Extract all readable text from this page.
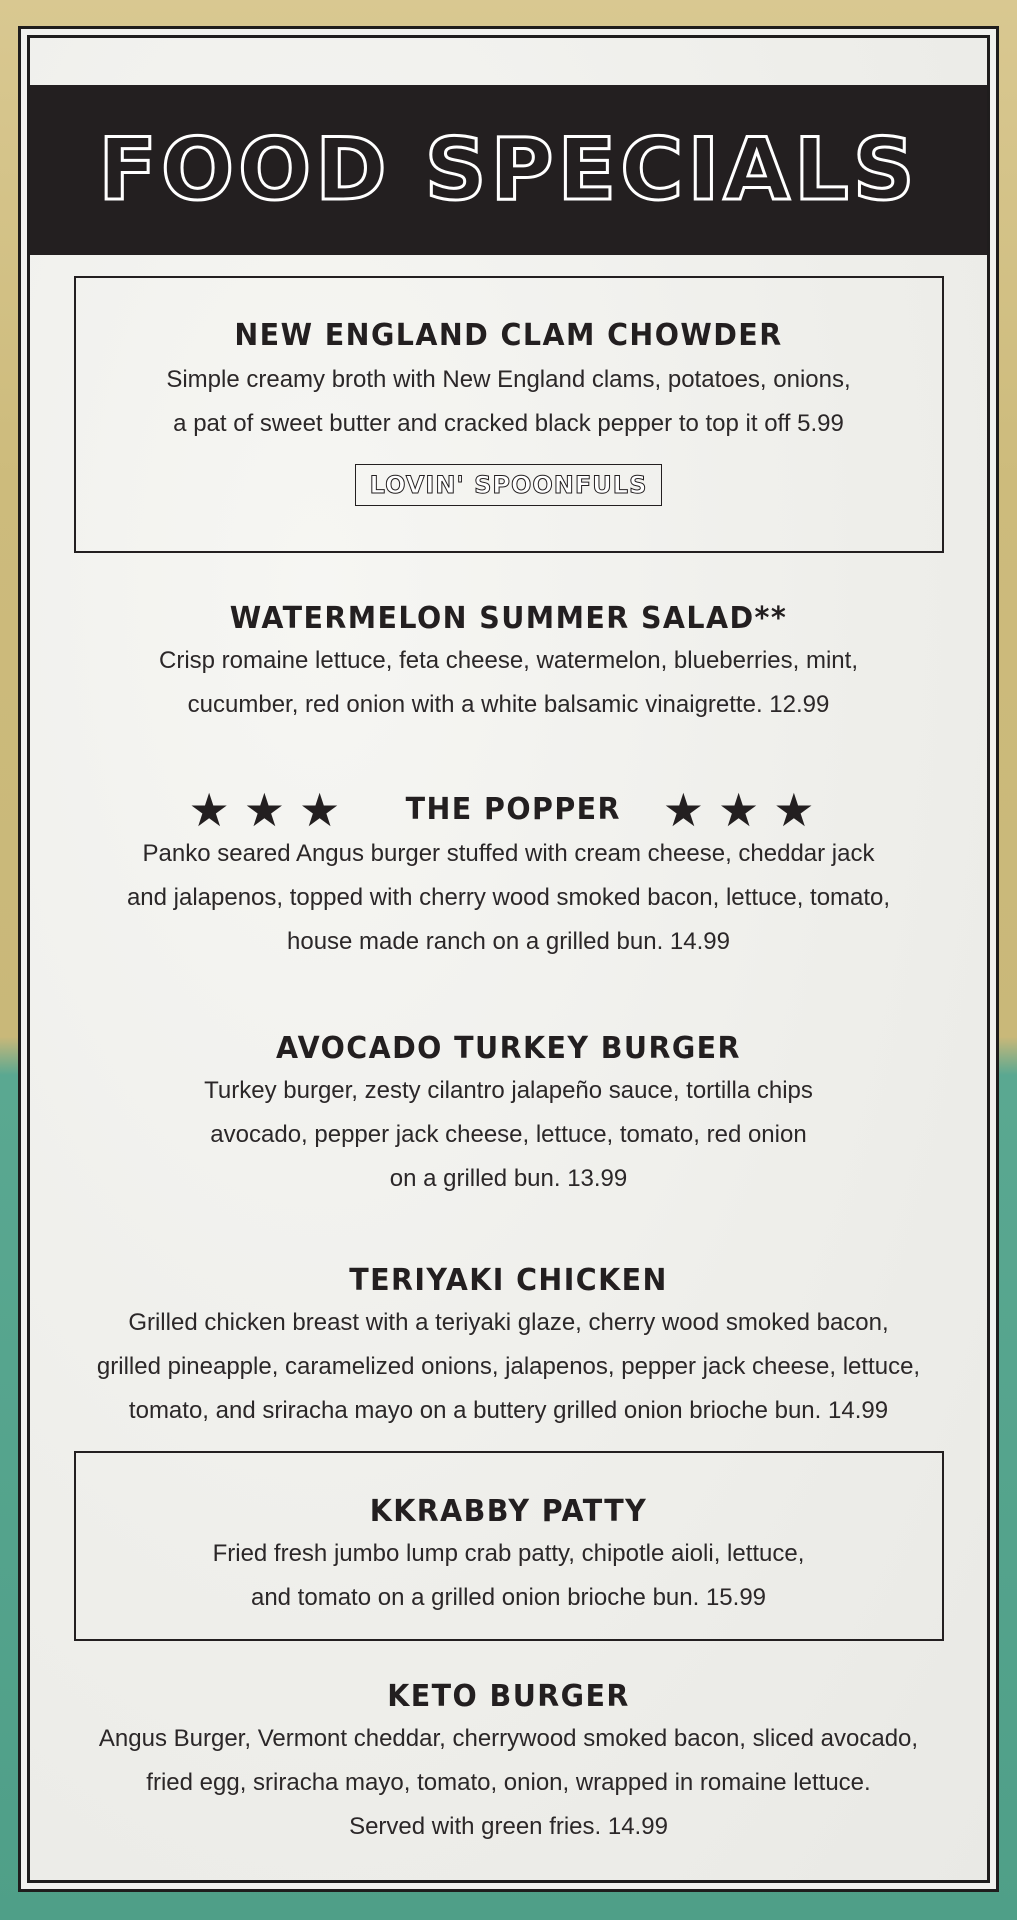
FOOD SPECIALS
NEW ENGLAND CLAM CHOWDER
Simple creamy broth with New England clams, potatoes, onions,
a pat of sweet butter and cracked black pepper to top it off 5.99
LOVIN' SPOONFULS
WATERMELON SUMMER SALAD**
Crisp romaine lettuce, feta cheese, watermelon, blueberries, mint,
cucumber, red onion with a white balsamic vinaigrette. 12.99
★★★ THE POPPER ★★★
Panko seared Angus burger stuffed with cream cheese, cheddar jack
and jalapenos, topped with cherry wood smoked bacon, lettuce, tomato,
house made ranch on a grilled bun. 14.99
AVOCADO TURKEY BURGER
Turkey burger, zesty cilantro jalapeño sauce, tortilla chips
avocado, pepper jack cheese, lettuce, tomato, red onion
on a grilled bun. 13.99
TERIYAKI CHICKEN
Grilled chicken breast with a teriyaki glaze, cherry wood smoked bacon,
grilled pineapple, caramelized onions, jalapenos, pepper jack cheese, lettuce,
tomato, and sriracha mayo on a buttery grilled onion brioche bun. 14.99
KKRABBY PATTY
Fried fresh jumbo lump crab patty, chipotle aioli, lettuce,
and tomato on a grilled onion brioche bun. 15.99
KETO BURGER
Angus Burger, Vermont cheddar, cherrywood smoked bacon, sliced avocado,
fried egg, sriracha mayo, tomato, onion, wrapped in romaine lettuce.
Served with green fries. 14.99
